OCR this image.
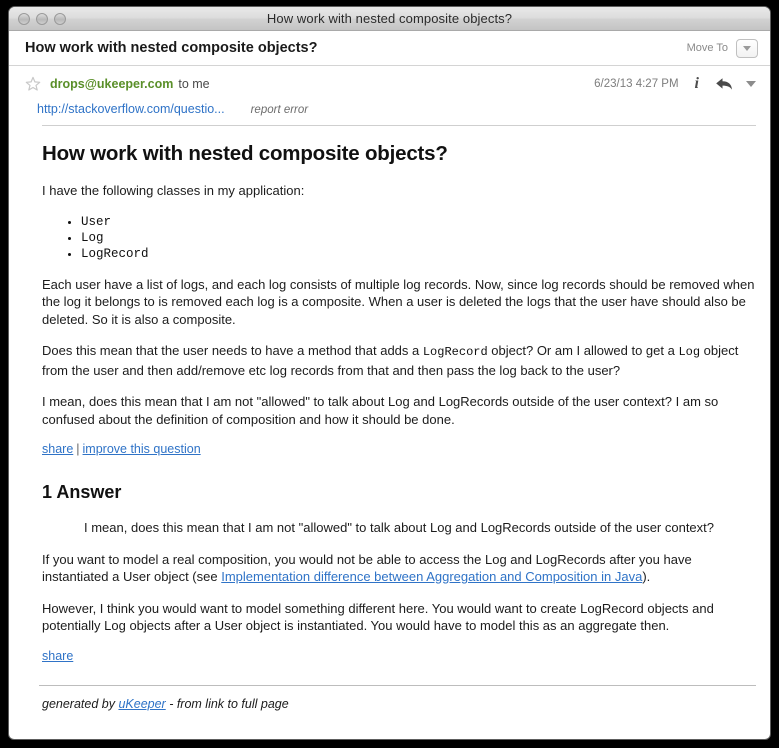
How work with nested composite objects?
How work with nested composite objects?	Move To
drops@ukeeper.com to me	6/23/13 4:27 PM i
http://stackoverflow.com/questio... report error
How work with nested composite objects?

I have the following classes in my application:

• User
• Log
• LogRecord

Each user have a list of logs, and each log consists of multiple log records. Now, since log records should be removed when the log it belongs to is removed each log is a composite. When a user is deleted the logs that the user have should also be deleted. So it is also a composite.

Does this mean that the user needs to have a method that adds a LogRecord object? Or am I allowed to get a Log object from the user and then add/remove etc log records from that and then pass the log back to the user?

I mean, does this mean that I am not "allowed" to talk about Log and LogRecords outside of the user context? I am so confused about the definition of composition and how it should be done.

share | improve this question
1 Answer

I mean, does this mean that I am not "allowed" to talk about Log and LogRecords outside of the user context?

If you want to model a real composition, you would not be able to access the Log and LogRecords after you have instantiated a User object (see Implementation difference between Aggregation and Composition in Java).

However, I think you would want to model something different here. You would want to create LogRecord objects and potentially Log objects after a User object is instantiated. You would have to model this as an aggregate then.

share
generated by uKeeper - from link to full page
